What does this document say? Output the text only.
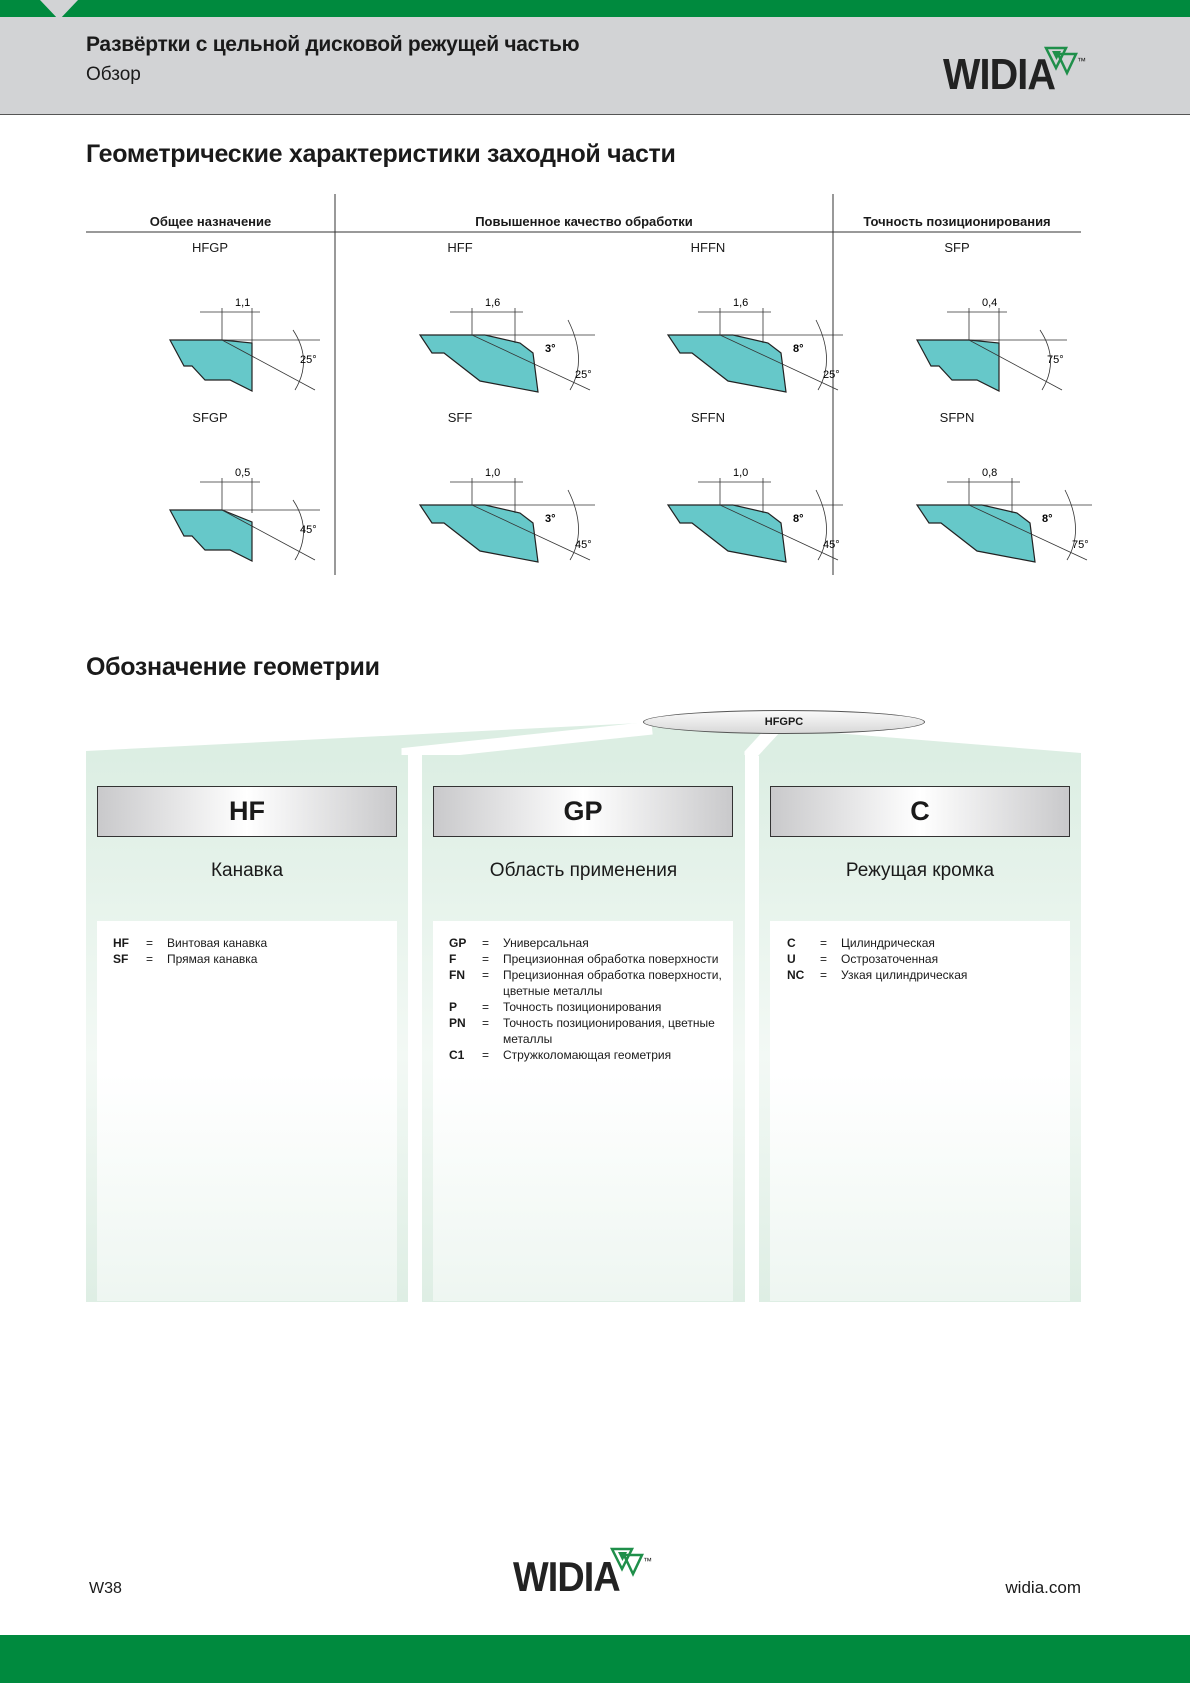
Развёртки с цельной дисковой режущей частью
Обзор	WIDIA	™
Геометрические характеристики заходной части
Общее назначение	Повышенное качество обработки	Точность позиционирования
HFGP
1,1
25°
HFF
1,6
25°
3°
HFFN
1,6
25°
8°
SFP
0,4
75°
SFGP
0,5
45°
SFF
1,0
45°
3°
SFFN
1,0
45°
8°
SFPN
0,8
75°
8°
Обозначение геометрии
HFGPC
HF	GP	C
Канавка	Область применения	Режущая кромка
HF = Винтовая канавка
SF = Прямая канавка
GP = Универсальная
F = Прецизионная обработка поверхности
FN = Прецизионная обработка поверхности, цветные металлы
P = Точность позиционирования
PN = Точность позиционирования, цветные металлы
C1 = Стружколомающая геометрия
C = Цилиндрическая
U = Острозаточенная
NC = Узкая цилиндрическая
W38	WIDIA	™
widia.com
